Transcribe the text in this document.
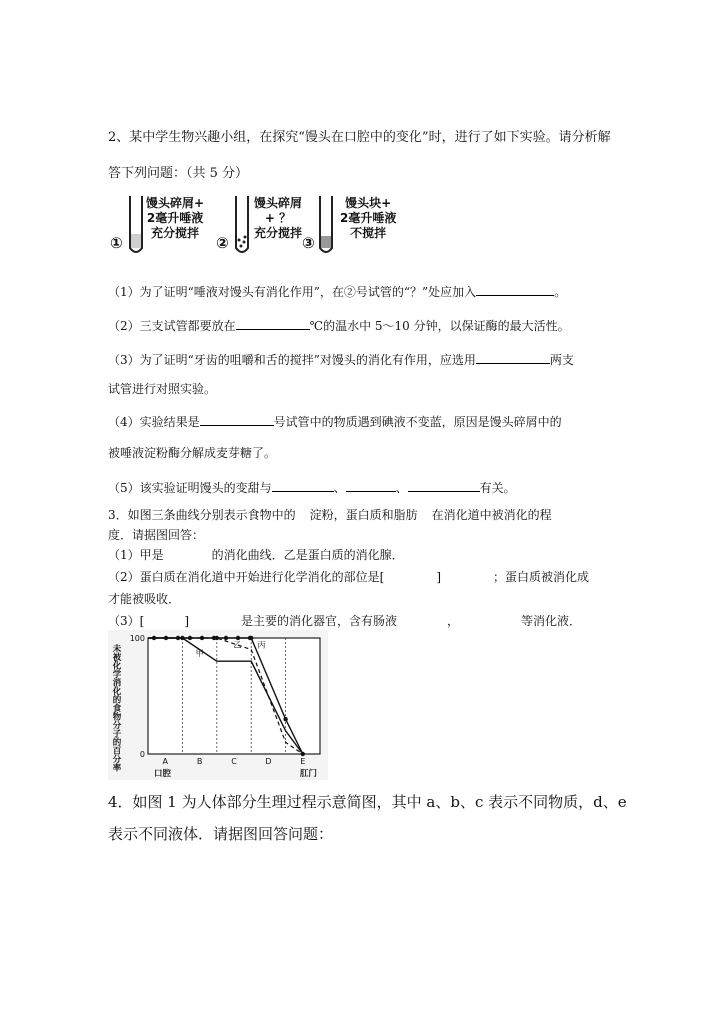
2、某中学生物兴趣小组，在探究“馒头在口腔中的变化”时，进行了如下实验。请分析解
答下列问题：（共 5 分）
①
馒头碎屑+
2毫升唾液
充分搅拌
②
馒头碎屑
+ ？
充分搅拌
③
馒头块+
2毫升唾液
不搅拌
（1）为了证明“唾液对馒头有消化作用”，在②号试管的“？”处应加入	。
（2）三支试管都要放在	℃的温水中 5～10 分钟，以保证酶的最大活性。
（3）为了证明“牙齿的咀嚼和舌的搅拌”对馒头的消化有作用，应选用	两支
试管进行对照实验。
（4）实验结果是	号试管中的物质遇到碘液不变蓝，原因是馒头碎屑中的
被唾液淀粉酶分解成麦芽糖了。
（5）该实验证明馒头的变甜与	、	、	有关。
3．如图三条曲线分别表示食物中的 淀粉，蛋白质和脂肪 在消化道中被消化的程
度．请据图回答：
（1）甲是	的消化曲线．乙是蛋白质的消化腺．
（2）蛋白质在消化道中开始进行化学消化的部位是[	]	；蛋白质被消化成
才能被吸收．
（3）[	]	是主要的消化器官，含有肠液	，	等消化液．
未被化学消化的食物分子的百分率
100
0
A	B	C	D	E
口腔	肛门
甲
乙 丙
4．如图 1 为人体部分生理过程示意简图，其中 a、b、c 表示不同物质，d、e
表示不同液体．请据图回答问题：
